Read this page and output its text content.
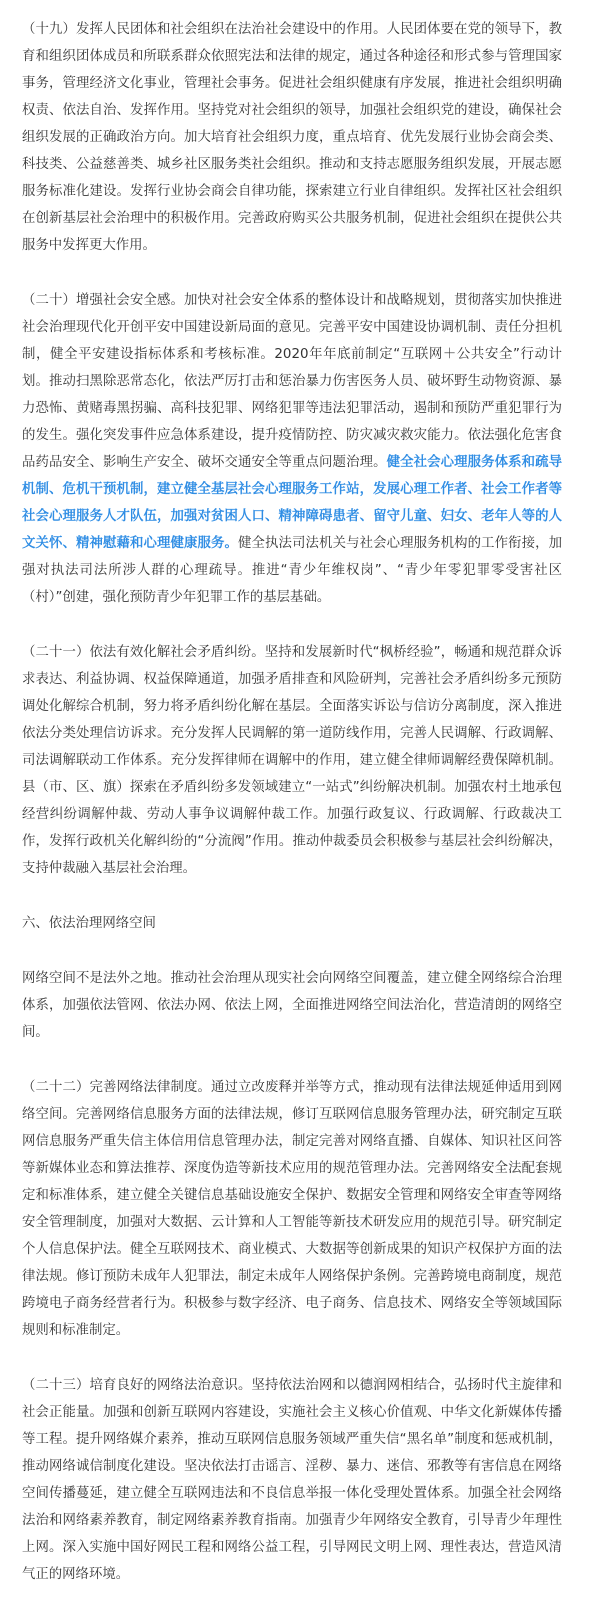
（十九）发挥人民团体和社会组织在法治社会建设中的作用。人民团体要在党的领导下，教育和组织团体成员和所联系群众依照宪法和法律的规定，通过各种途径和形式参与管理国家事务，管理经济文化事业，管理社会事务。促进社会组织健康有序发展，推进社会组织明确权责、依法自治、发挥作用。坚持党对社会组织的领导，加强社会组织党的建设，确保社会组织发展的正确政治方向。加大培育社会组织力度，重点培育、优先发展行业协会商会类、科技类、公益慈善类、城乡社区服务类社会组织。推动和支持志愿服务组织发展，开展志愿服务标准化建设。发挥行业协会商会自律功能，探索建立行业自律组织。发挥社区社会组织在创新基层社会治理中的积极作用。完善政府购买公共服务机制，促进社会组织在提供公共服务中发挥更大作用。

（二十）增强社会安全感。加快对社会安全体系的整体设计和战略规划，贯彻落实加快推进社会治理现代化开创平安中国建设新局面的意见。完善平安中国建设协调机制、责任分担机制，健全平安建设指标体系和考核标准。2020年年底前制定“互联网＋公共安全”行动计划。推动扫黑除恶常态化，依法严厉打击和惩治暴力伤害医务人员、破坏野生动物资源、暴力恐怖、黄赌毒黑拐骗、高科技犯罪、网络犯罪等违法犯罪活动，遏制和预防严重犯罪行为的发生。强化突发事件应急体系建设，提升疫情防控、防灾减灾救灾能力。依法强化危害食品药品安全、影响生产安全、破坏交通安全等重点问题治理。健全社会心理服务体系和疏导机制、危机干预机制，建立健全基层社会心理服务工作站，发展心理工作者、社会工作者等社会心理服务人才队伍，加强对贫困人口、精神障碍患者、留守儿童、妇女、老年人等的人文关怀、精神慰藉和心理健康服务。健全执法司法机关与社会心理服务机构的工作衔接，加强对执法司法所涉人群的心理疏导。推进“青少年维权岗”、“青少年零犯罪零受害社区（村）”创建，强化预防青少年犯罪工作的基层基础。

（二十一）依法有效化解社会矛盾纠纷。坚持和发展新时代“枫桥经验”，畅通和规范群众诉求表达、利益协调、权益保障通道，加强矛盾排查和风险研判，完善社会矛盾纠纷多元预防调处化解综合机制，努力将矛盾纠纷化解在基层。全面落实诉讼与信访分离制度，深入推进依法分类处理信访诉求。充分发挥人民调解的第一道防线作用，完善人民调解、行政调解、司法调解联动工作体系。充分发挥律师在调解中的作用，建立健全律师调解经费保障机制。县（市、区、旗）探索在矛盾纠纷多发领域建立“一站式”纠纷解决机制。加强农村土地承包经营纠纷调解仲裁、劳动人事争议调解仲裁工作。加强行政复议、行政调解、行政裁决工作，发挥行政机关化解纠纷的“分流阀”作用。推动仲裁委员会积极参与基层社会纠纷解决，支持仲裁融入基层社会治理。

六、依法治理网络空间

网络空间不是法外之地。推动社会治理从现实社会向网络空间覆盖，建立健全网络综合治理体系，加强依法管网、依法办网、依法上网，全面推进网络空间法治化，营造清朗的网络空间。

（二十二）完善网络法律制度。通过立改废释并举等方式，推动现有法律法规延伸适用到网络空间。完善网络信息服务方面的法律法规，修订互联网信息服务管理办法，研究制定互联网信息服务严重失信主体信用信息管理办法，制定完善对网络直播、自媒体、知识社区问答等新媒体业态和算法推荐、深度伪造等新技术应用的规范管理办法。完善网络安全法配套规定和标准体系，建立健全关键信息基础设施安全保护、数据安全管理和网络安全审查等网络安全管理制度，加强对大数据、云计算和人工智能等新技术研发应用的规范引导。研究制定个人信息保护法。健全互联网技术、商业模式、大数据等创新成果的知识产权保护方面的法律法规。修订预防未成年人犯罪法，制定未成年人网络保护条例。完善跨境电商制度，规范跨境电子商务经营者行为。积极参与数字经济、电子商务、信息技术、网络安全等领域国际规则和标准制定。

（二十三）培育良好的网络法治意识。坚持依法治网和以德润网相结合，弘扬时代主旋律和社会正能量。加强和创新互联网内容建设，实施社会主义核心价值观、中华文化新媒体传播等工程。提升网络媒介素养，推动互联网信息服务领域严重失信“黑名单”制度和惩戒机制，推动网络诚信制度化建设。坚决依法打击谣言、淫秽、暴力、迷信、邪教等有害信息在网络空间传播蔓延，建立健全互联网违法和不良信息举报一体化受理处置体系。加强全社会网络法治和网络素养教育，制定网络素养教育指南。加强青少年网络安全教育，引导青少年理性上网。深入实施中国好网民工程和网络公益工程，引导网民文明上网、理性表达，营造风清气正的网络环境。
